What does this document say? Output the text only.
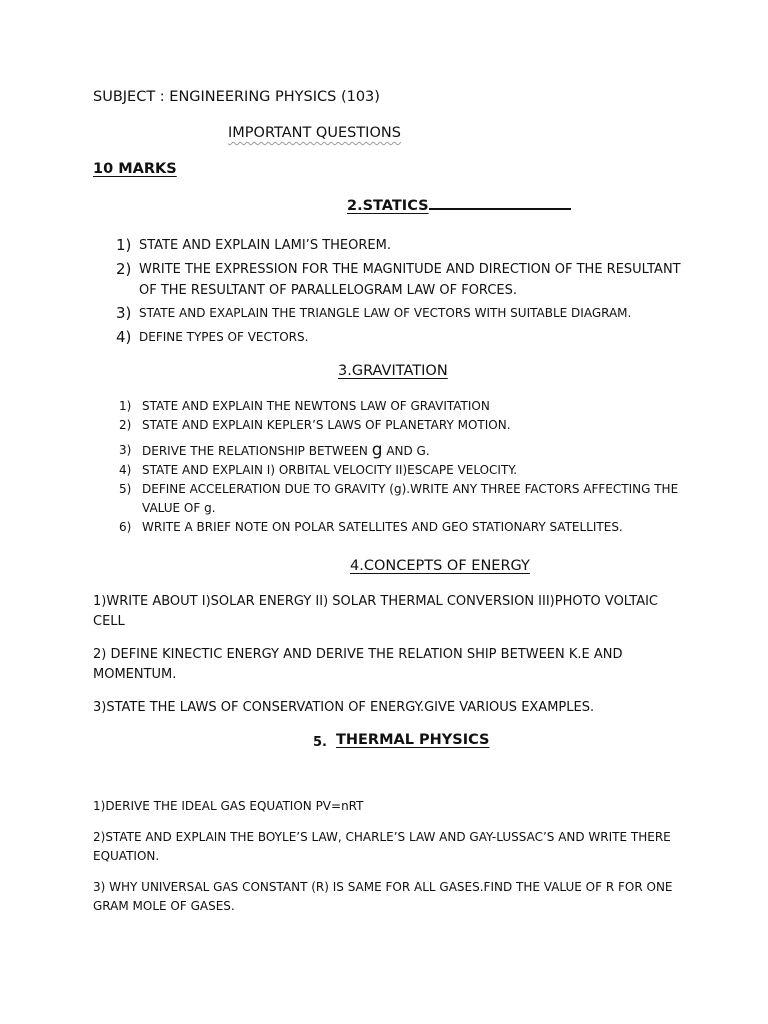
SUBJECT : ENGINEERING PHYSICS (103)
IMPORTANT QUESTIONS
10 MARKS
2.STATICS
1) STATE AND EXPLAIN LAMI’S THEOREM.
2) WRITE THE EXPRESSION FOR THE MAGNITUDE AND DIRECTION OF THE RESULTANT
OF THE RESULTANT OF PARALLELOGRAM LAW OF FORCES.
3) STATE AND EXAPLAIN THE TRIANGLE LAW OF VECTORS WITH SUITABLE DIAGRAM.
4) DEFINE TYPES OF VECTORS.
3.GRAVITATION
1) STATE AND EXPLAIN THE NEWTONS LAW OF GRAVITATION
2) STATE AND EXPLAIN KEPLER’S LAWS OF PLANETARY MOTION.
3) DERIVE THE RELATIONSHIP BETWEEN g AND G.
4) STATE AND EXPLAIN I) ORBITAL VELOCITY II)ESCAPE VELOCITY.
5) DEFINE ACCELERATION DUE TO GRAVITY (g).WRITE ANY THREE FACTORS AFFECTING THE
VALUE OF g.
6) WRITE A BRIEF NOTE ON POLAR SATELLITES AND GEO STATIONARY SATELLITES.
4.CONCEPTS OF ENERGY
1)WRITE ABOUT I)SOLAR ENERGY II) SOLAR THERMAL CONVERSION III)PHOTO VOLTAIC
CELL
2) DEFINE KINECTIC ENERGY AND DERIVE THE RELATION SHIP BETWEEN K.E AND
MOMENTUM.
3)STATE THE LAWS OF CONSERVATION OF ENERGY.GIVE VARIOUS EXAMPLES.
5. THERMAL PHYSICS
1)DERIVE THE IDEAL GAS EQUATION PV=nRT
2)STATE AND EXPLAIN THE BOYLE’S LAW, CHARLE’S LAW AND GAY-LUSSAC’S AND WRITE THERE
EQUATION.
3) WHY UNIVERSAL GAS CONSTANT (R) IS SAME FOR ALL GASES.FIND THE VALUE OF R FOR ONE
GRAM MOLE OF GASES.
